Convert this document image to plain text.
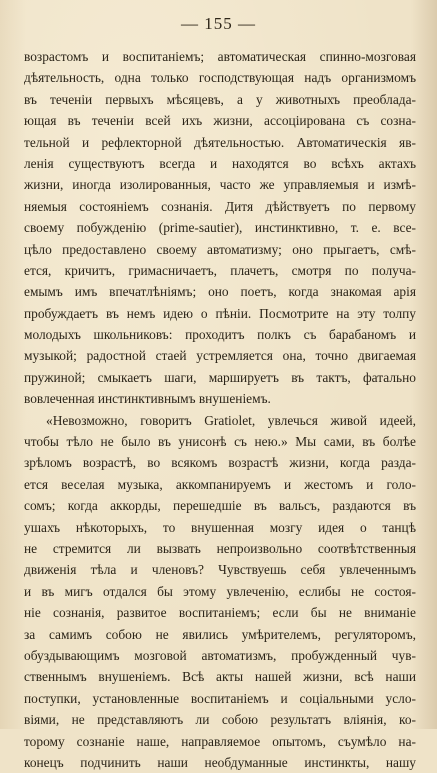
— 155 —
возрастомъ и воспитаніемъ; автоматическая спинно-мозговая
дѣятельность, одна только господствующая надъ организмомъ
въ теченіи первыхъ мѣсяцевъ, а у животныхъ преоблада-
ющая въ теченіи всей ихъ жизни, ассоціирована съ сознa-
тельной и рефлекторной дѣятельностью. Автоматическія яв-
ленія существуютъ всегда и находятся во всѣхъ актахъ
жизни, иногда изолированныя, часто же управляемыя и измѣ-
няемыя состояніемъ сознанія. Дитя дѣйствуетъ по первому
своему побужденію (prime-sautier), инстинктивно, т. е. все-
цѣло предоставлено своему автоматизму; оно прыгаетъ, смѣ-
ется, кричитъ, гримасничаетъ, плачетъ, смотря по получа-
емымъ имъ впечатлѣніямъ; оно поетъ, когда знакомая арія
пробуждаетъ въ немъ идею о пѣніи. Посмотрите на эту толпу
молодыхъ школьниковъ: проходитъ полкъ съ барабаномъ и
музыкой; радостной стаей устремляется она, точно двигаемая
пружиной; смыкаетъ шаги, маршируетъ въ тактъ, фатально
вовлеченная инстинктивнымъ внушеніемъ.
«Невозможно, говоритъ Gratiolet, увлечься живой идеей,
чтобы тѣло не было въ унисонѣ съ нею.» Мы сами, въ болѣе
зрѣломъ возрастѣ, во всякомъ возрастѣ жизни, когда разда-
ется веселая музыка, аккомпанируемъ и жестомъ и голо-
сомъ; когда аккорды, перешедшіе въ вальсъ, раздаются въ
ушахъ нѣкоторыхъ, то внушенная мозгу идея о танцѣ
не стремится ли вызвать непроизвольно соотвѣтственныя
движенія тѣла и членовъ? Чувствуешь себя увлеченнымъ
и въ мигъ отдался бы этому увлеченію, еслибы не состоя-
ніе сознанія, развитое воспитаніемъ; если бы не вниманіе
за самимъ собою не явились умѣрителемъ, регуляторомъ,
обуздывающимъ мозговой автоматизмъ, пробужденный чув-
ственнымъ внушеніемъ. Всѣ акты нашей жизни, всѣ наши
поступки, установленные воспитаніемъ и соціальными усло-
віями, не представляютъ ли собою результатъ вліянія, ко-
торому сознаніе наше, направляемое опытомъ, съумѣло на-
конецъ подчинить наши необдуманные инстинкты, нашу
